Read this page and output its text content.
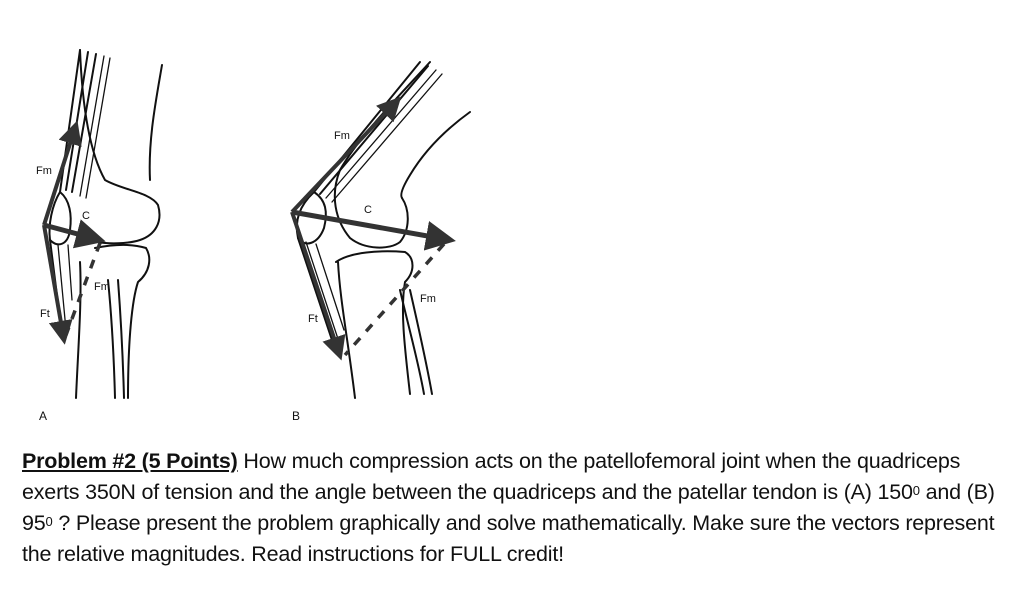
Fm
C
Fm
Ft
A
Fm
C
Fm
Ft
B
Problem #2 (5 Points) How much compression acts on the patellofemoral joint when the quadriceps exerts 350N of tension and the angle between the quadriceps and the patellar tendon is (A) $150^0$ and (B) $95^0$ ? Please present the problem graphically and solve mathematically. Make sure the vectors represent the relative magnitudes. Read instructions for FULL credit!
